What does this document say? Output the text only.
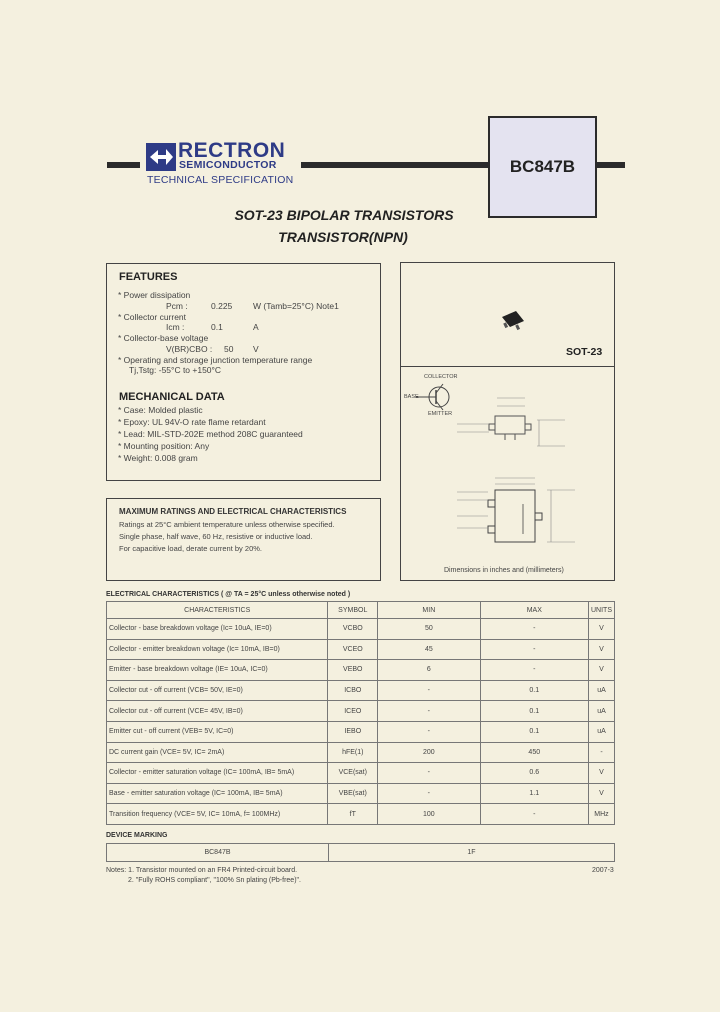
RECTRON
SEMICONDUCTOR
TECHNICAL SPECIFICATION
BC847B
SOT-23 BIPOLAR TRANSISTORS
TRANSISTOR(NPN)
FEATURES
* Power dissipation
Pcm :	0.225 W (Tamb=25°C) Note1
* Collector current
Icm :	0.1	A
* Collector-base voltage
V(BR)CBO : 50 V
* Operating and storage junction temperature range
Tj,Tstg: -55°C to +150°C
MECHANICAL DATA
* Case: Molded plastic
* Epoxy: UL 94V-O rate flame retardant
* Lead: MIL-STD-202E method 208C guaranteed
* Mounting position: Any
* Weight: 0.008 gram
SOT-23
COLLECTOR
BASE
EMITTER
Dimensions in inches and (millimeters)
MAXIMUM RATINGS AND ELECTRICAL CHARACTERISTICS
Ratings at 25°C ambient temperature unless otherwise specified.
Single phase, half wave, 60 Hz, resistive or inductive load.
For capacitive load, derate current by 20%.
ELECTRICAL CHARACTERISTICS ( @ TA = 25°C unless otherwise noted )
CHARACTERISTICS	SYMBOL	MIN	MAX	UNITS
Collector - base breakdown voltage (Ic= 10uA, IE=0)	VCBO	50	-	V
Collector - emitter breakdown voltage (Ic= 10mA, IB=0)	VCEO	45	-	V
Emitter - base breakdown voltage (IE= 10uA, IC=0)	VEBO	6	-	V
Collector cut - off current (VCB= 50V, IE=0)	ICBO	-	0.1	uA
Collector cut - off current (VCE= 45V, IB=0)	ICEO	-	0.1	uA
Emitter cut - off current (VEB= 5V, IC=0)	IEBO	-	0.1	uA
DC current gain (VCE= 5V, IC= 2mA)	hFE(1)	200	450	-
Collector - emitter saturation voltage (IC= 100mA, IB= 5mA)	VCE(sat)	-	0.6	V
Base - emitter saturation voltage (IC= 100mA, IB= 5mA)	VBE(sat)	-	1.1	V
Transition frequency (VCE= 5V, IC= 10mA, f= 100MHz)	fT	100	-	MHz
DEVICE MARKING
BC847B	1F
Notes: 1. Transistor mounted on an FR4 Printed-circuit board.
2. "Fully ROHS compliant", "100% Sn plating (Pb-free)".
2007-3
